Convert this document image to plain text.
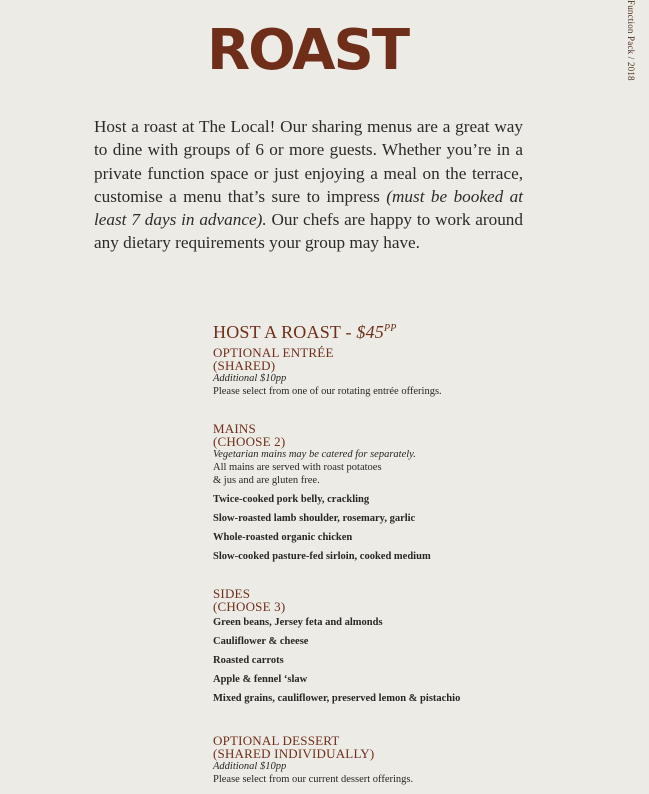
Function Pack / 2018
ROAST
Host a roast at The Local! Our sharing menus are a great way to dine with groups of 6 or more guests. Whether you’re in a private function space or just enjoying a meal on the terrace, customise a menu that’s sure to impress (must be booked at least 7 days in advance). Our chefs are happy to work around any dietary requirements your group may have.
HOST A ROAST - $\$45^{PP}$
OPTIONAL ENTRÉE
(SHARED)
Additional $10pp
Please select from one of our rotating entrée offerings.
MAINS
(CHOOSE 2)
Vegetarian mains may be catered for separately.
All mains are served with roast potatoes
& jus and are gluten free.
Twice-cooked pork belly, crackling
Slow-roasted lamb shoulder, rosemary, garlic
Whole-roasted organic chicken
Slow-cooked pasture-fed sirloin, cooked medium
SIDES
(CHOOSE 3)
Green beans, Jersey feta and almonds
Cauliflower & cheese
Roasted carrots
Apple & fennel ‘slaw
Mixed grains, cauliflower, preserved lemon & pistachio
OPTIONAL DESSERT
(SHARED INDIVIDUALLY)
Additional $10pp
Please select from our current dessert offerings.
